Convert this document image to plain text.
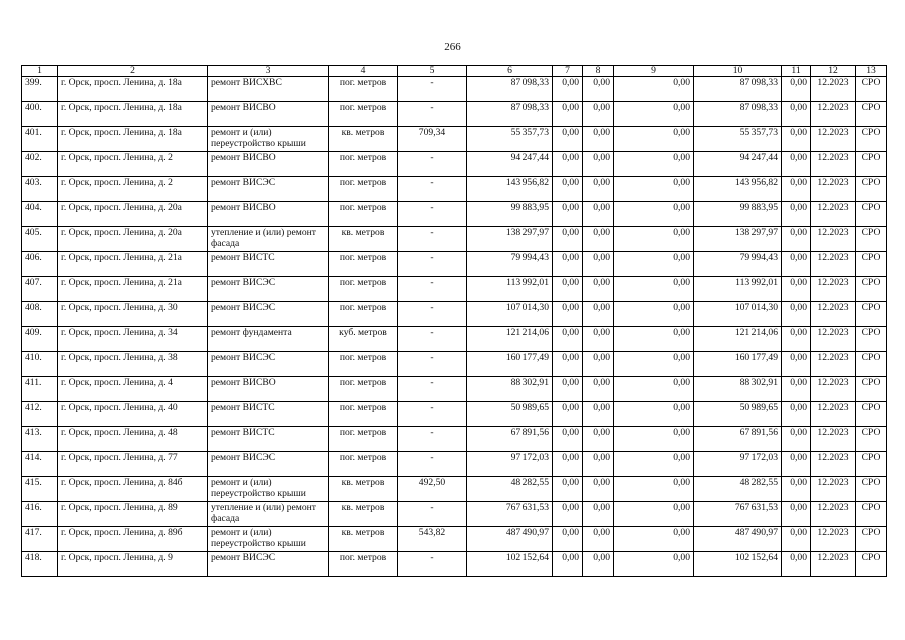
266
1	2	3	4	5	6	7	8	9	10	11	12	13
399.	г. Орск, просп. Ленина, д. 18а	ремонт ВИСХВС	пог. метров	-	87 098,33	0,00	0,00	0,00	87 098,33	0,00	12.2023	СРО
400.	г. Орск, просп. Ленина, д. 18а	ремонт ВИСВО	пог. метров	-	87 098,33	0,00	0,00	0,00	87 098,33	0,00	12.2023	СРО
401.	г. Орск, просп. Ленина, д. 18а	ремонт и (или) переустройство крыши	кв. метров	709,34	55 357,73	0,00	0,00	0,00	55 357,73	0,00	12.2023	СРО
402.	г. Орск, просп. Ленина, д. 2	ремонт ВИСВО	пог. метров	-	94 247,44	0,00	0,00	0,00	94 247,44	0,00	12.2023	СРО
403.	г. Орск, просп. Ленина, д. 2	ремонт ВИСЭС	пог. метров	-	143 956,82	0,00	0,00	0,00	143 956,82	0,00	12.2023	СРО
404.	г. Орск, просп. Ленина, д. 20а	ремонт ВИСВО	пог. метров	-	99 883,95	0,00	0,00	0,00	99 883,95	0,00	12.2023	СРО
405.	г. Орск, просп. Ленина, д. 20а	утепление и (или) ремонт фасада	кв. метров	-	138 297,97	0,00	0,00	0,00	138 297,97	0,00	12.2023	СРО
406.	г. Орск, просп. Ленина, д. 21а	ремонт ВИСТС	пог. метров	-	79 994,43	0,00	0,00	0,00	79 994,43	0,00	12.2023	СРО
407.	г. Орск, просп. Ленина, д. 21а	ремонт ВИСЭС	пог. метров	-	113 992,01	0,00	0,00	0,00	113 992,01	0,00	12.2023	СРО
408.	г. Орск, просп. Ленина, д. 30	ремонт ВИСЭС	пог. метров	-	107 014,30	0,00	0,00	0,00	107 014,30	0,00	12.2023	СРО
409.	г. Орск, просп. Ленина, д. 34	ремонт фундамента	куб. метров	-	121 214,06	0,00	0,00	0,00	121 214,06	0,00	12.2023	СРО
410.	г. Орск, просп. Ленина, д. 38	ремонт ВИСЭС	пог. метров	-	160 177,49	0,00	0,00	0,00	160 177,49	0,00	12.2023	СРО
411.	г. Орск, просп. Ленина, д. 4	ремонт ВИСВО	пог. метров	-	88 302,91	0,00	0,00	0,00	88 302,91	0,00	12.2023	СРО
412.	г. Орск, просп. Ленина, д. 40	ремонт ВИСТС	пог. метров	-	50 989,65	0,00	0,00	0,00	50 989,65	0,00	12.2023	СРО
413.	г. Орск, просп. Ленина, д. 48	ремонт ВИСТС	пог. метров	-	67 891,56	0,00	0,00	0,00	67 891,56	0,00	12.2023	СРО
414.	г. Орск, просп. Ленина, д. 77	ремонт ВИСЭС	пог. метров	-	97 172,03	0,00	0,00	0,00	97 172,03	0,00	12.2023	СРО
415.	г. Орск, просп. Ленина, д. 84б	ремонт и (или) переустройство крыши	кв. метров	492,50	48 282,55	0,00	0,00	0,00	48 282,55	0,00	12.2023	СРО
416.	г. Орск, просп. Ленина, д. 89	утепление и (или) ремонт фасада	кв. метров	-	767 631,53	0,00	0,00	0,00	767 631,53	0,00	12.2023	СРО
417.	г. Орск, просп. Ленина, д. 89б	ремонт и (или) переустройство крыши	кв. метров	543,82	487 490,97	0,00	0,00	0,00	487 490,97	0,00	12.2023	СРО
418.	г. Орск, просп. Ленина, д. 9	ремонт ВИСЭС	пог. метров	-	102 152,64	0,00	0,00	0,00	102 152,64	0,00	12.2023	СРО
